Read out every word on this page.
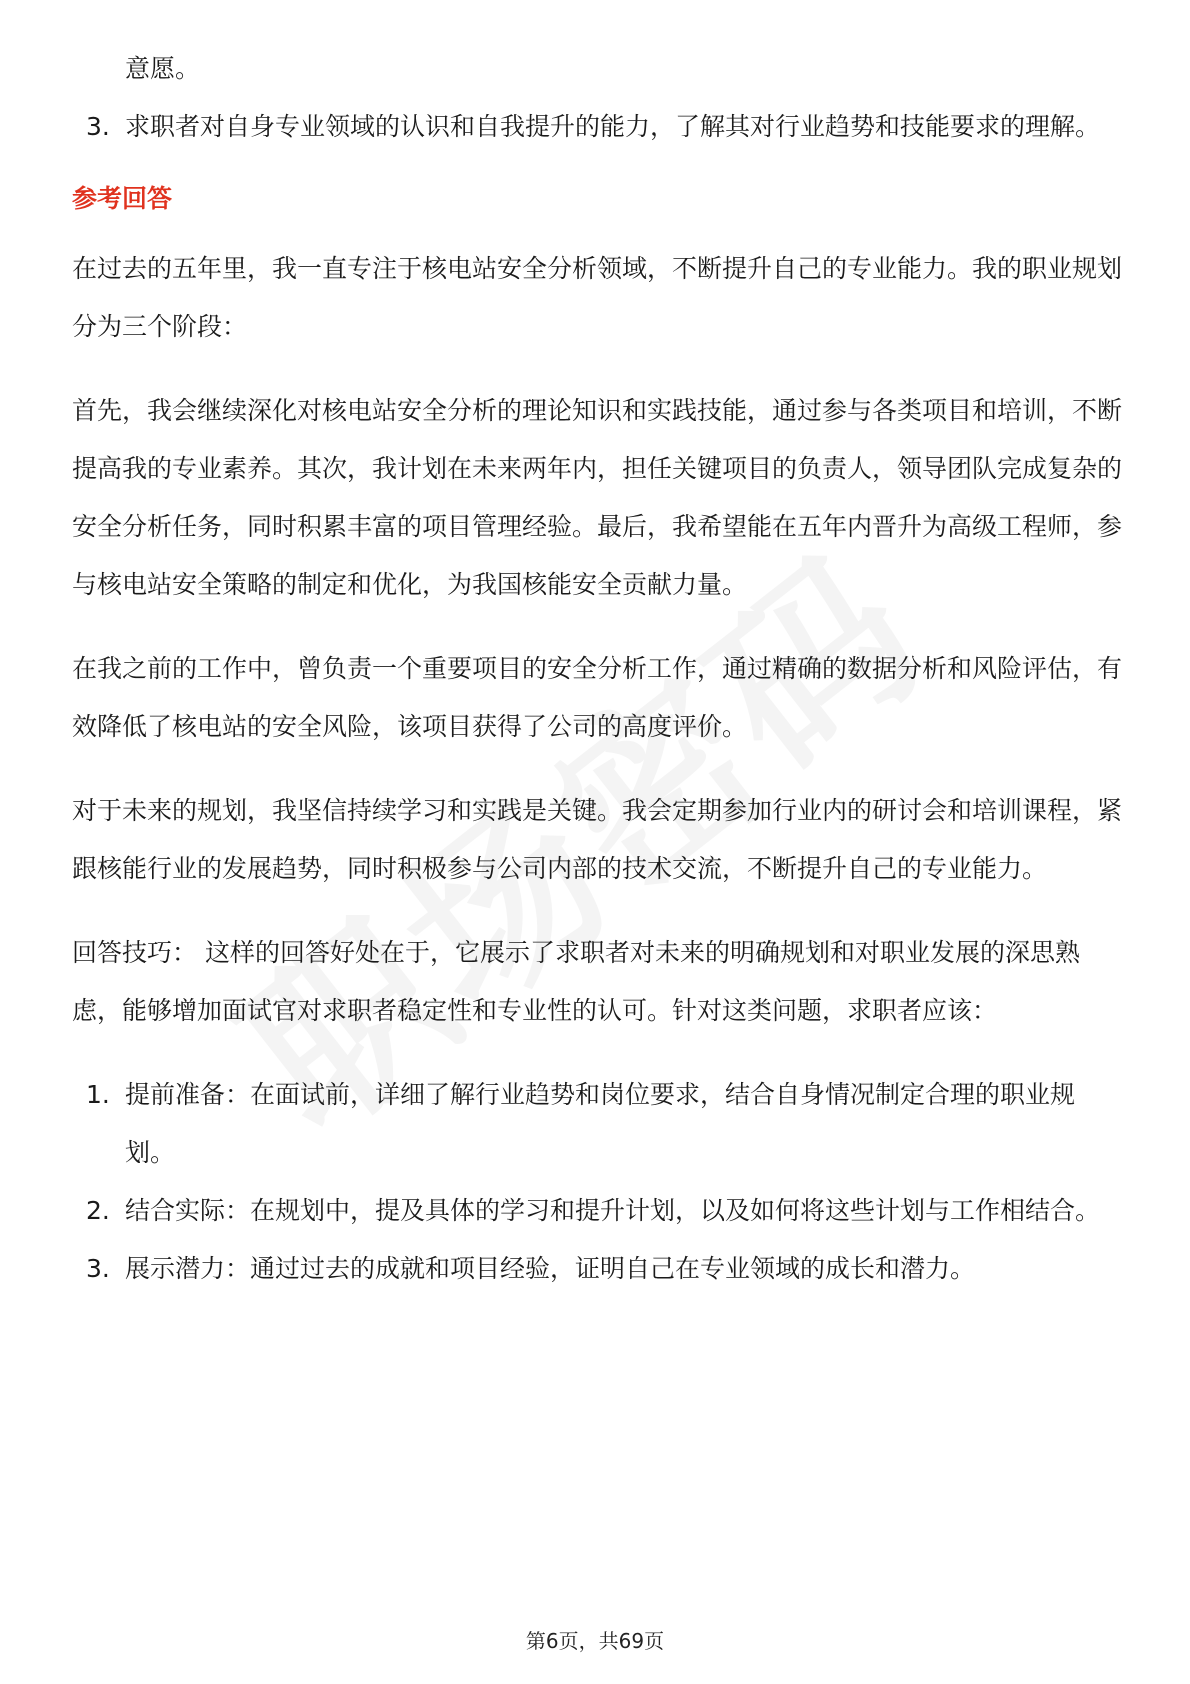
意愿。
3. 求职者对自身专业领域的认识和自我提升的能力，了解其对行业趋势和技能要求的理解。
参考回答

在过去的五年里，我一直专注于核电站安全分析领域，不断提升自己的专业能力。我的职业规划分为三个阶段：

首先，我会继续深化对核电站安全分析的理论知识和实践技能，通过参与各类项目和培训，不断提高我的专业素养。其次，我计划在未来两年内，担任关键项目的负责人，领导团队完成复杂的安全分析任务，同时积累丰富的项目管理经验。最后，我希望能在五年内晋升为高级工程师，参与核电站安全策略的制定和优化，为我国核能安全贡献力量。

在我之前的工作中，曾负责一个重要项目的安全分析工作，通过精确的数据分析和风险评估，有效降低了核电站的安全风险，该项目获得了公司的高度评价。

对于未来的规划，我坚信持续学习和实践是关键。我会定期参加行业内的研讨会和培训课程，紧跟核能行业的发展趋势，同时积极参与公司内部的技术交流，不断提升自己的专业能力。

回答技巧： 这样的回答好处在于，它展示了求职者对未来的明确规划和对职业发展的深思熟虑，能够增加面试官对求职者稳定性和专业性的认可。针对这类问题，求职者应该：

1. 提前准备：在面试前，详细了解行业趋势和岗位要求，结合自身情况制定合理的职业规划。
2. 结合实际：在规划中，提及具体的学习和提升计划，以及如何将这些计划与工作相结合。
3. 展示潜力：通过过去的成就和项目经验，证明自己在专业领域的成长和潜力。
第6页，共69页
